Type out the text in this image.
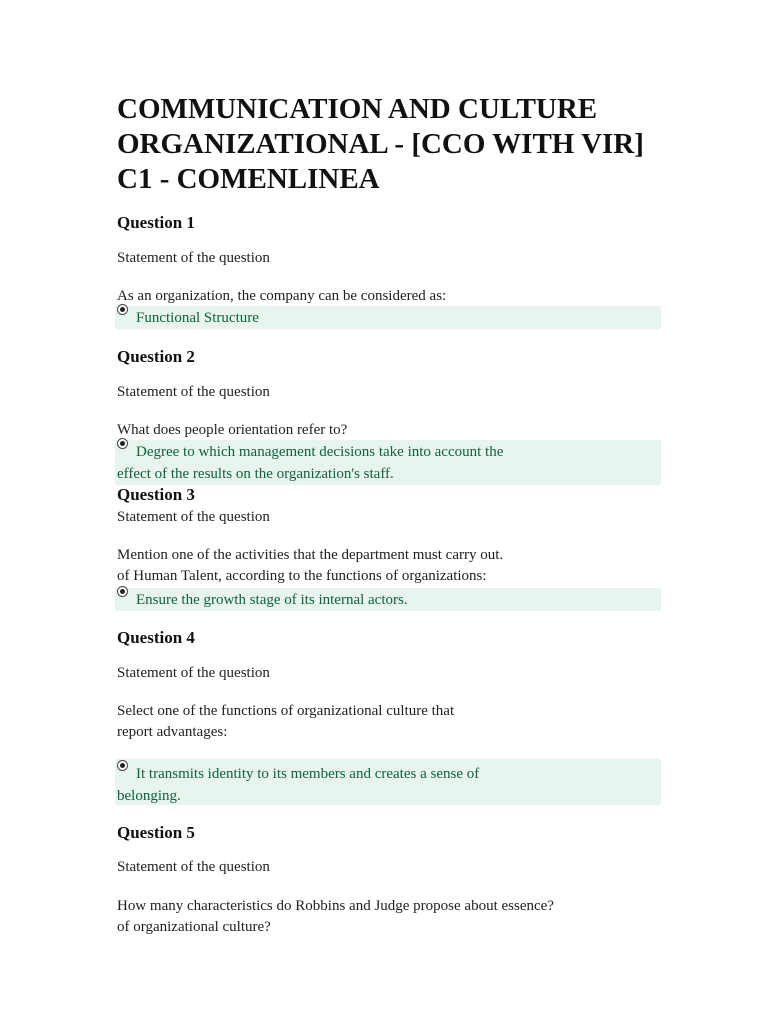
COMMUNICATION AND CULTURE
ORGANIZATIONAL - [CCO WITH VIR]
C1 - COMENLINEA

Question 1

Statement of the question

As an organization, the company can be considered as:

Functional Structure

Question 2

Statement of the question

What does people orientation refer to?

Degree to which management decisions take into account the
effect of the results on the organization's staff.

Question 3

Statement of the question

Mention one of the activities that the department must carry out.

of Human Talent, according to the functions of organizations:

Ensure the growth stage of its internal actors.

Question 4

Statement of the question

Select one of the functions of organizational culture that

report advantages:

It transmits identity to its members and creates a sense of
belonging.

Question 5

Statement of the question

How many characteristics do Robbins and Judge propose about essence?

of organizational culture?
